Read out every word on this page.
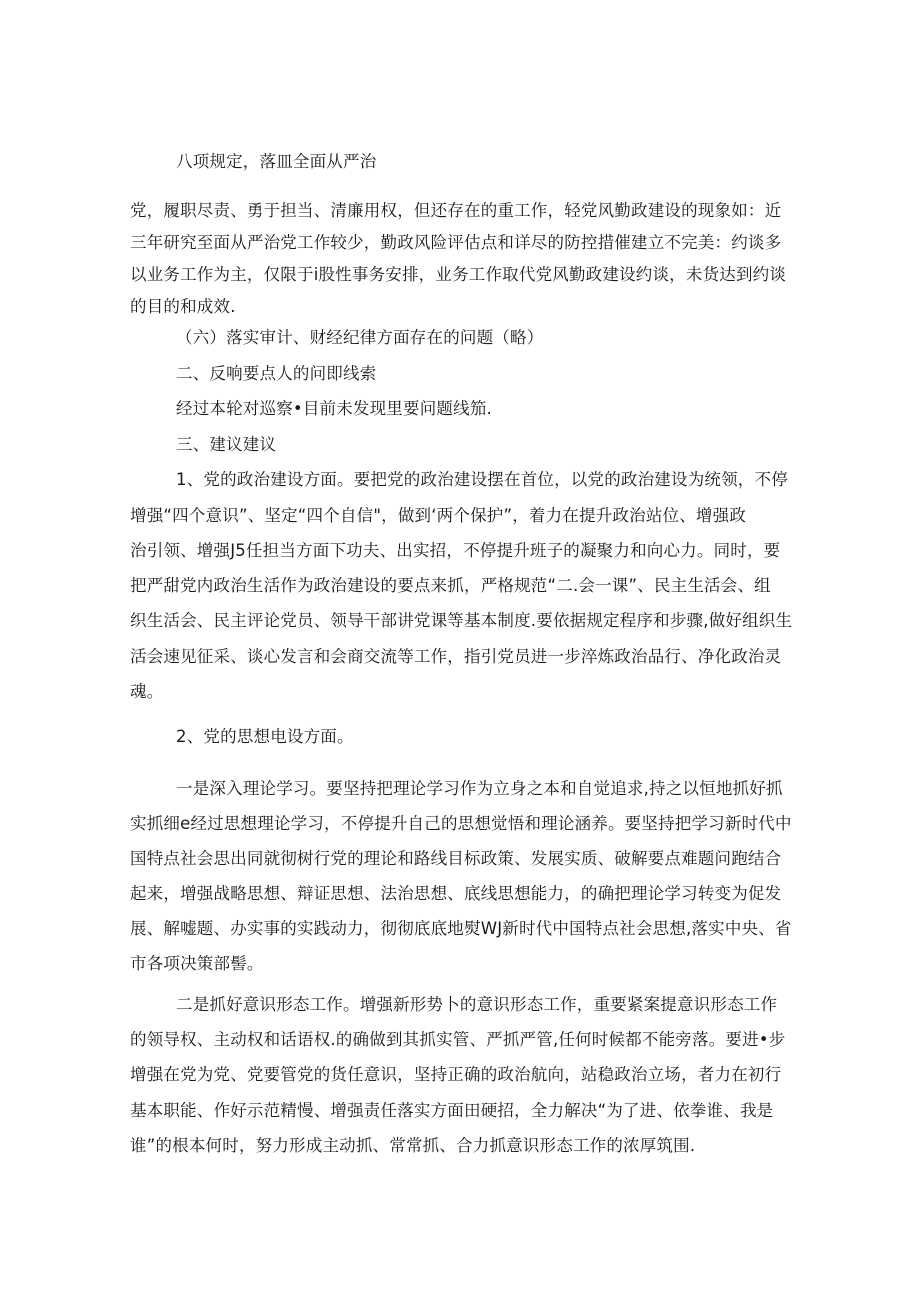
八项规定，落皿全面从严治
党，履职尽责、勇于担当、清廉用权，但还存在的重工作，轻党风勤政建设的现象如：近
三年研究至面从严治党工作较少，勤政风险评估点和详尽的防控措催建立不完美：约谈多
以业务工作为主，仅限于i股性事务安排，业务工作取代党风勤政建设约谈，未货达到约谈
的目的和成效.
（六）落实审计、财经纪律方面存在的问题（略）
二、反响要点人的问即线索
经过本轮对巡察•目前未发现里要问题线笳.
三、建议建议
1、党的政治建设方面。要把党的政治建设摆在首位，以党的政治建设为统领，不停
增强“四个意识”、坚定“四个自信"，做到‘两个保护”，着力在提升政治站位、增强政
治引领、增强J5任担当方面下功夫、出实招，不停提升班子的凝聚力和向心力。同时，要
把严甜党内政治生活作为政治建设的要点来抓，严格规范“二.会一课”、民主生活会、组
织生活会、民主评论党员、领导干部讲党课等基本制度.要依据规定程序和步骤,做好组织生
活会速见征采、谈心发言和会商交流等工作，指引党员进一步淬炼政治品行、净化政治灵
魂。
2、党的思想电设方面。
一是深入理论学习。要坚持把理论学习作为立身之本和自觉追求,持之以恒地抓好抓
实抓细e经过思想理论学习，不停提升自己的思想觉悟和理论涵养。要坚持把学习新时代中
国特点社会思出同就彻树行党的理论和路线目标政策、发展实质、破解要点难题问跑结合
起来，增强战略思想、辩证思想、法治思想、底线思想能力，的确把理论学习转变为促发
展、解嘘题、办实事的实践动力，彻彻底底地熨WJ新时代中国特点社会思想,落实中央、省
市各项决策部髻。
二是抓好意识形态工作。增强新形势卜的意识形态工作，重要紧案提意识形态工作
的领导权、主动权和话语权.的确做到其抓实管、严抓严管,任何时候都不能旁落。要进•步
增强在党为党、党要管党的货任意识，坚持正确的政治航向，站稳政治立场，者力在初行
基本职能、作好示范精慢、增强责任落实方面田硬招，全力解决“为了进、依拳谁、我是
谁”的根本何时，努力形成主动抓、常常抓、合力抓意识形态工作的浓厚筑围.
